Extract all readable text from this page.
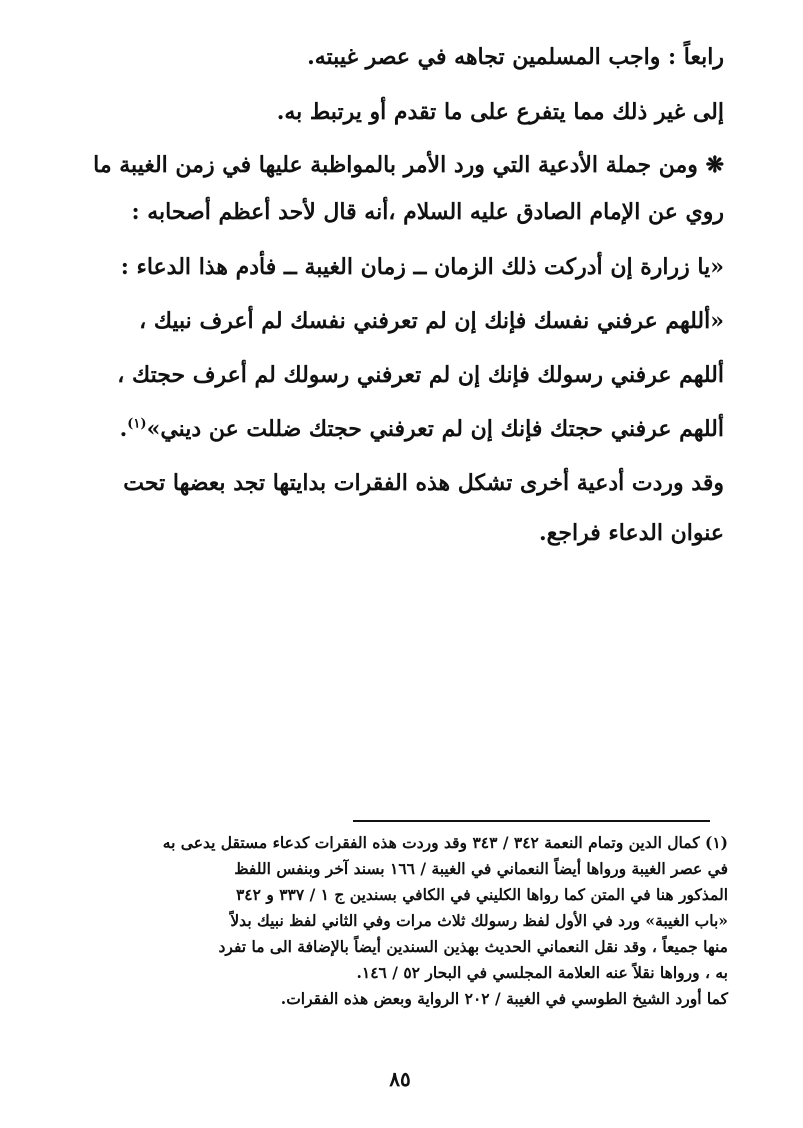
رابعاً : واجب المسلمين تجاهه في عصر غيبته.
إلى غير ذلك مما يتفرع على ما تقدم أو يرتبط به.
❋ ومن جملة الأدعية التي ورد الأمر بالمواظبة عليها في زمن الغيبة ما
روي عن الإمام الصادق عليه السلام ،أنه قال لأحد أعظم أصحابه :
«يا زرارة إن أدركت ذلك الزمان ــ زمان الغيبة ــ فأدم هذا الدعاء :
«أللهم عرفني نفسك فإنك إن لم تعرفني نفسك لم أعرف نبيك ،
أللهم عرفني رسولك فإنك إن لم تعرفني رسولك لم أعرف حجتك ،
أللهم عرفني حجتك فإنك إن لم تعرفني حجتك ضللت عن ديني»$^{(١)}$.
وقد وردت أدعية أخرى تشكل هذه الفقرات بدايتها تجد بعضها تحت
عنوان الدعاء فراجع.
(١) كمال الدين وتمام النعمة ٣٤٢ / ٣٤٣ وقد وردت هذه الفقرات كدعاء مستقل يدعى به
في عصر الغيبة ورواها أيضاً النعماني في الغيبة / ١٦٦ بسند آخر وبنفس اللفظ
المذكور هنا في المتن كما رواها الكليني في الكافي بسندين ج ١ / ٣٣٧ و ٣٤٢
«باب الغيبة» ورد في الأول لفظ رسولك ثلاث مرات وفي الثاني لفظ نبيك بدلاً
منها جميعاً ، وقد نقل النعماني الحديث بهذين السندين أيضاً بالإضافة الى ما تفرد
به ، ورواها نقلاً عنه العلامة المجلسي في البحار ٥٢ / ١٤٦.
كما أورد الشيخ الطوسي في الغيبة / ٢٠٢ الرواية وبعض هذه الفقرات.
٨٥
